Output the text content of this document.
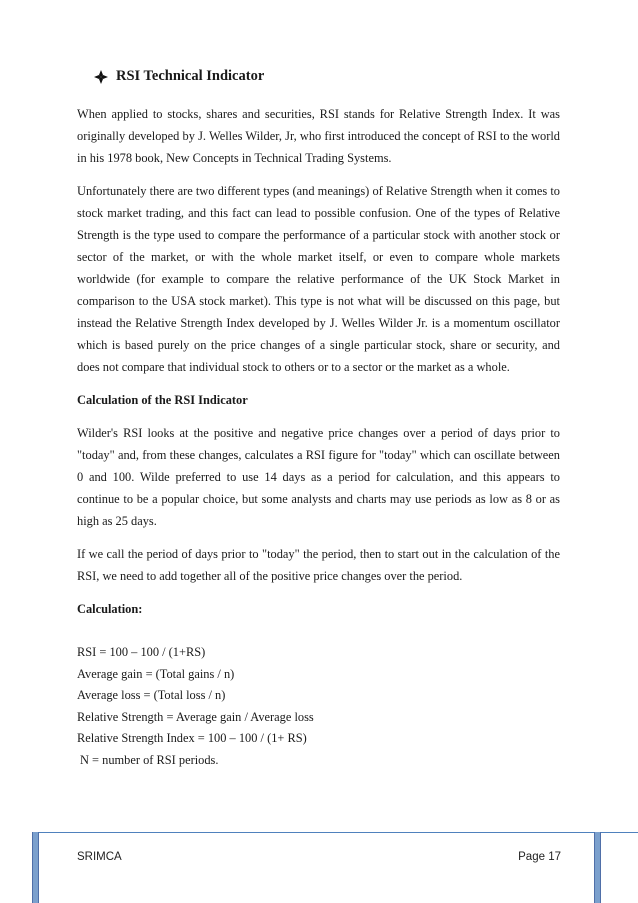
RSI Technical Indicator

When applied to stocks, shares and securities, RSI stands for Relative Strength Index. It was originally developed by J. Welles Wilder, Jr, who first introduced the concept of RSI to the world in his 1978 book, New Concepts in Technical Trading Systems.

Unfortunately there are two different types (and meanings) of Relative Strength when it comes to stock market trading, and this fact can lead to possible confusion. One of the types of Relative Strength is the type used to compare the performance of a particular stock with another stock or sector of the market, or with the whole market itself, or even to compare whole markets worldwide (for example to compare the relative performance of the UK Stock Market in comparison to the USA stock market). This type is not what will be discussed on this page, but instead the Relative Strength Index developed by J. Welles Wilder Jr. is a momentum oscillator which is based purely on the price changes of a single particular stock, share or security, and does not compare that individual stock to others or to a sector or the market as a whole.

Calculation of the RSI Indicator

Wilder's RSI looks at the positive and negative price changes over a period of days prior to "today" and, from these changes, calculates a RSI figure for "today" which can oscillate between 0 and 100. Wilde preferred to use 14 days as a period for calculation, and this appears to continue to be a popular choice, but some analysts and charts may use periods as low as 8 or as high as 25 days.

If we call the period of days prior to "today" the period, then to start out in the calculation of the RSI, we need to add together all of the positive price changes over the period.

Calculation:

RSI = 100 – 100 / (1+RS)
Average gain = (Total gains / n)
Average loss = (Total loss / n)
Relative Strength = Average gain / Average loss
Relative Strength Index = 100 – 100 / (1+ RS)
N = number of RSI periods.
SRIMCA	Page 17
